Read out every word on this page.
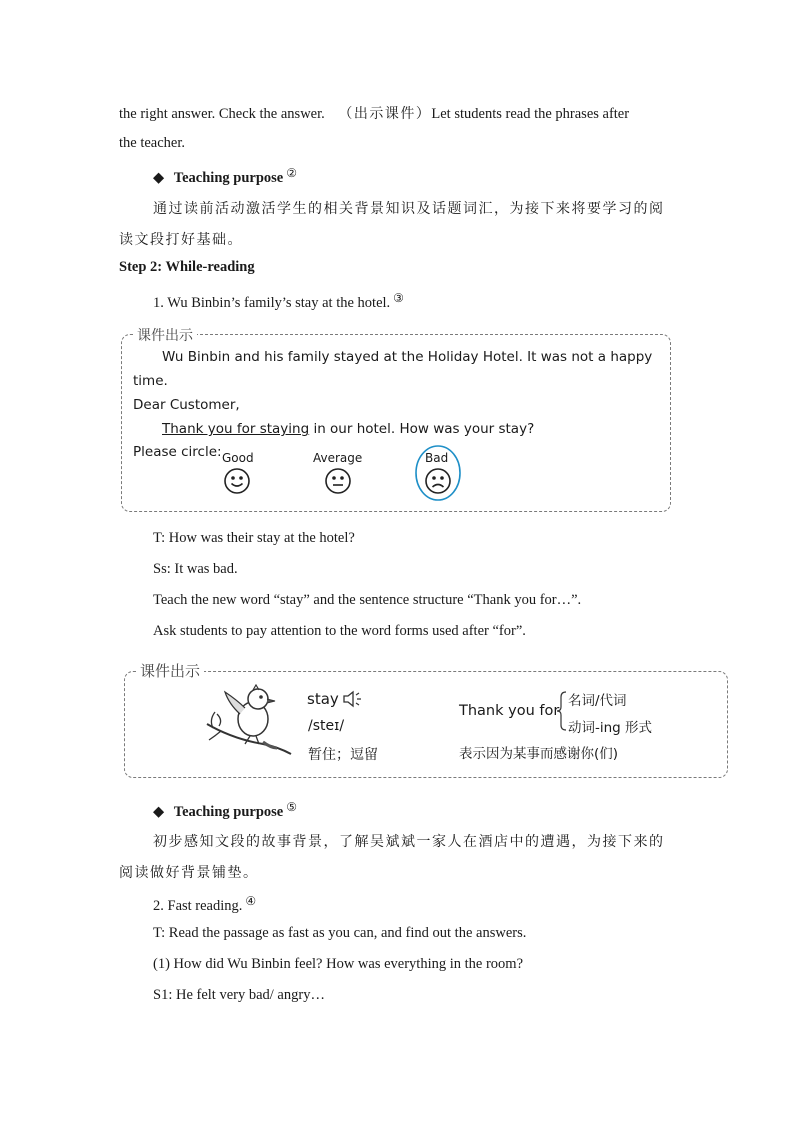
the right answer. Check the answer. （出示课件）Let students read the phrases after
the teacher.
◆ Teaching purpose ②
通过读前活动激活学生的相关背景知识及话题词汇，为接下来将要学习的阅
读文段打好基础。
Step 2: While-reading
1. Wu Binbin’s family’s stay at the hotel. ③
课件出示
Wu Binbin and his family stayed at the Holiday Hotel. It was not a happy
time.
Dear Customer,
Thank you for staying in our hotel. How was your stay?
Please circle: Good	Average	Bad
T: How was their stay at the hotel?
Ss: It was bad.
Teach the new word “stay” and the sentence structure “Thank you for…”.
Ask students to pay attention to the word forms used after “for”.
课件出示
stay
/steɪ/
暂住；逗留
Thank you for
名词/代词
动词-ing 形式
表示因为某事而感谢你(们)
◆ Teaching purpose ⑤
初步感知文段的故事背景，了解吴斌斌一家人在酒店中的遭遇，为接下来的
阅读做好背景铺垫。
2. Fast reading. ④
T: Read the passage as fast as you can, and find out the answers.
(1) How did Wu Binbin feel? How was everything in the room?
S1: He felt very bad/ angry…
